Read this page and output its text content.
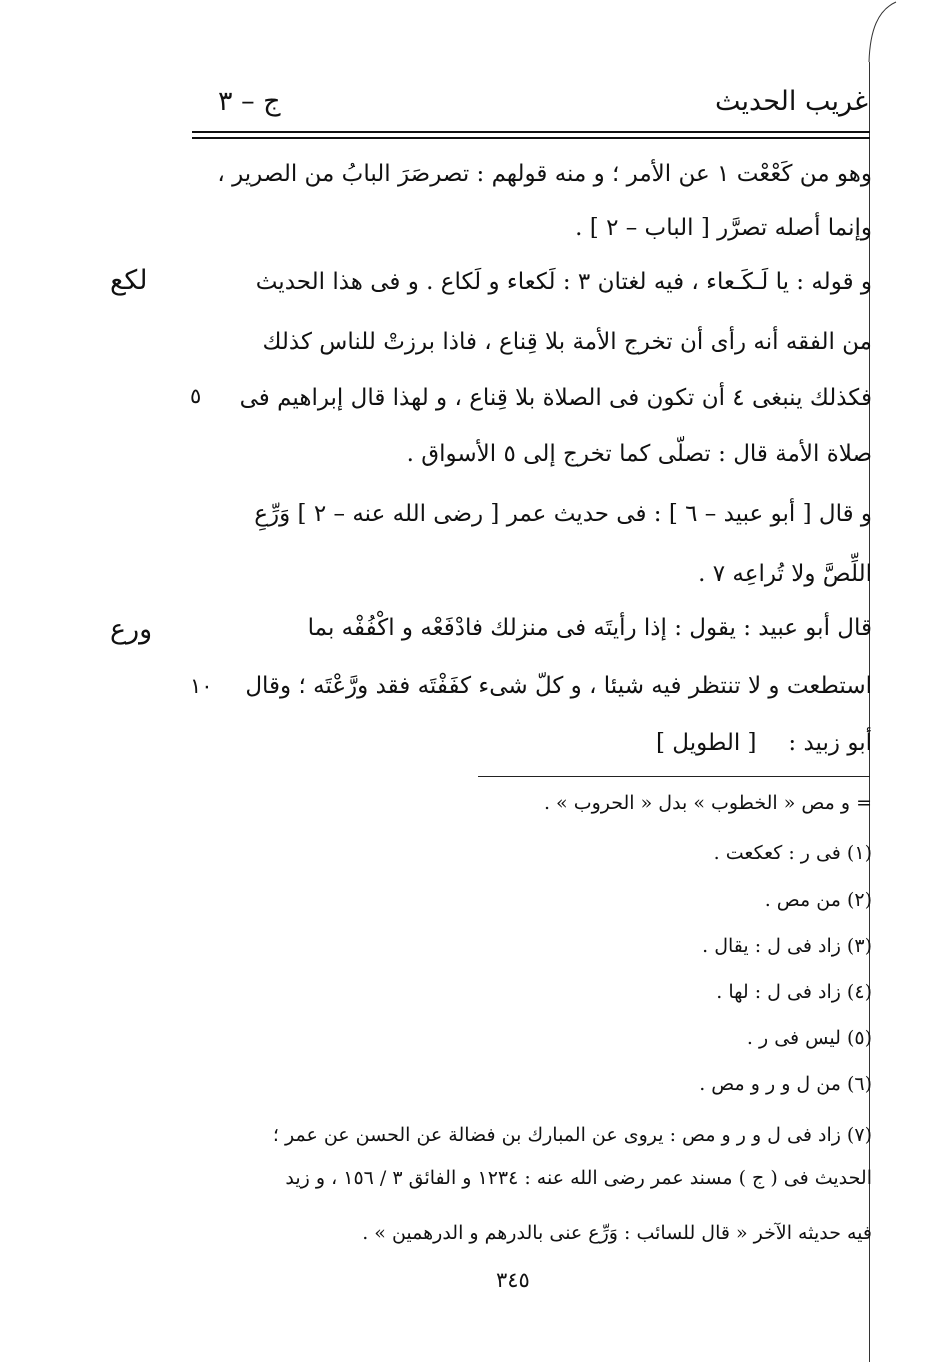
غريب الحديث
ج – ٣
وهو من كَعْعْت ١ عن الأمر ؛ و منه قولهم : تصرصَرَ البابُ من الصرير ،
وإنما أصله تصرَّر [ الباب – ٢ ] .
و قوله : يا لَـكَـعاء ، فيه لغتان ٣ : لَكعاء و لَكاع . و فى هذا الحديث
من الفقه أنه رأى أن تخرج الأمة بلا قِناع ، فاذا برزتْ للناس كذلك
فكذلك ينبغى ٤ أن تكون فى الصلاة بلا قِناع ، و لهذا قال إبراهيم فى
صلاة الأمة قال : تصلّى كما تخرج إلى ٥ الأسواق .
و قال [ أبو عبيد – ٦ ] : فى حديث عمر [ رضى الله عنه – ٢ ] وَرِّعِ
اللِّصَّ ولا تُراعِه ٧ .
قال أبو عبيد : يقول : إذا رأيتَه فى منزلك فادْفَعْه و اكْفُفْه بما
استطعت و لا تنتظر فيه شيئا ، و كلّ شىء كفَفْتَه فقد ورَّعْتَه ؛ وقال
أبو زبيد :
[ الطويل ]
لكع
ورع
٥
١٠
= و مص « الخطوب » بدل « الحروب » .
(١) فى ر : كعكعت .
(٢) من مص .
(٣) زاد فى ل : يقال .
(٤) زاد فى ل : لها .
(٥) ليس فى ر .
(٦) من ل و ر و مص .
(٧) زاد فى ل و ر و مص : يروى عن المبارك بن فضالة عن الحسن عن عمر ؛
الحديث فى ( ج ) مسند عمر رضى الله عنه : ١٢٣٤ و الفائق ٣ / ١٥٦ ، و زيد
فيه حديثه الآخر « قال للسائب : وَرِّع عنى بالدرهم و الدرهمين » .
٣٤٥
